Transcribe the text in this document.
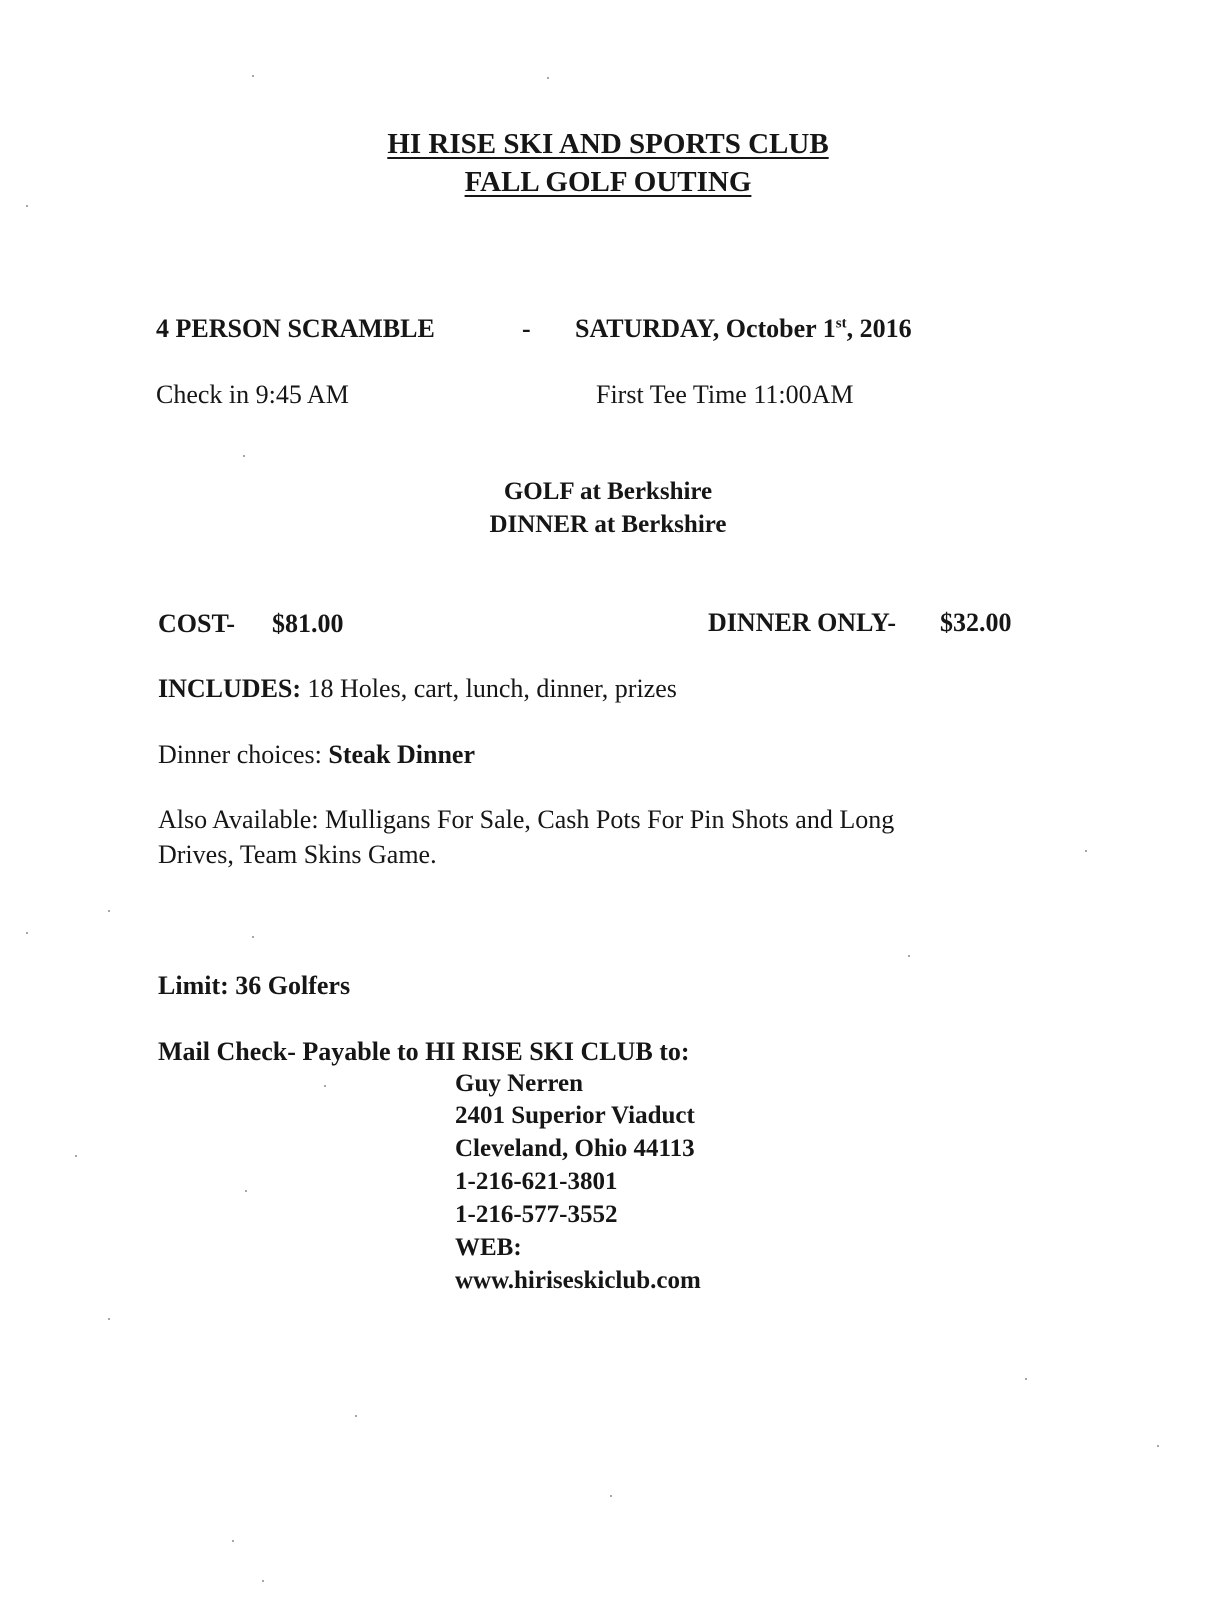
HI RISE SKI AND SPORTS CLUB
FALL GOLF OUTING
4 PERSON SCRAMBLE	- SATURDAY, October 1st, 2016
Check in 9:45 AM	First Tee Time 11:00AM
GOLF at Berkshire
DINNER at Berkshire
COST- $81.00	DINNER ONLY- $32.00
INCLUDES: 18 Holes, cart, lunch, dinner, prizes
Dinner choices: Steak Dinner
Also Available: Mulligans For Sale, Cash Pots For Pin Shots and Long
Drives, Team Skins Game.
Limit: 36 Golfers
Mail Check- Payable to HI RISE SKI CLUB to:
Guy Nerren
2401 Superior Viaduct
Cleveland, Ohio 44113
1-216-621-3801
1-216-577-3552
WEB:
www.hiriseskiclub.com
